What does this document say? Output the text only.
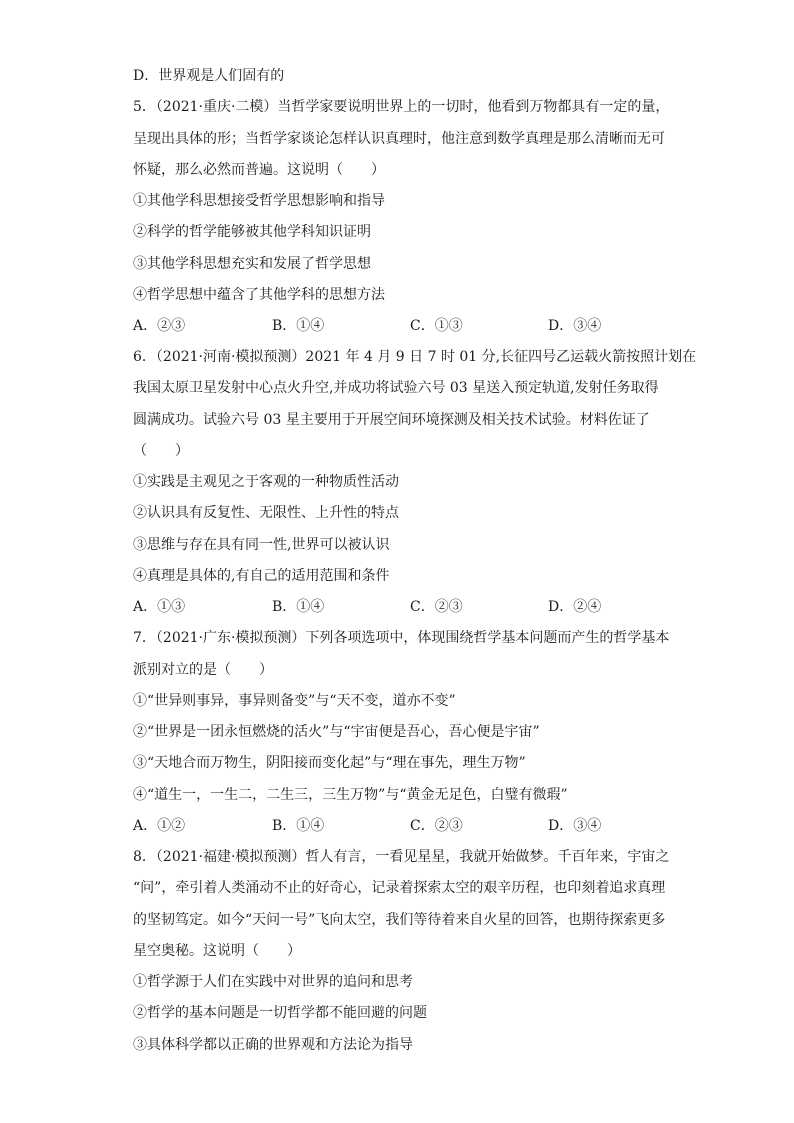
D．世界观是人们固有的
5．（2021·重庆·二模）当哲学家要说明世界上的一切时，他看到万物都具有一定的量，
呈现出具体的形；当哲学家谈论怎样认识真理时，他注意到数学真理是那么清晰而无可
怀疑，那么必然而普遍。这说明（　　）
①其他学科思想接受哲学思想影响和指导
②科学的哲学能够被其他学科知识证明
③其他学科思想充实和发展了哲学思想
④哲学思想中蕴含了其他学科的思想方法
A．②③	B．①④	C．①③	D．③④
6．（2021·河南·模拟预测）2021 年 4 月 9 日 7 时 01 分,长征四号乙运载火箭按照计划在
我国太原卫星发射中心点火升空,并成功将试验六号 03 星送入预定轨道,发射任务取得
圆满成功。试验六号 03 星主要用于开展空间环境探测及相关技术试验。材料佐证了
（　　）
①实践是主观见之于客观的一种物质性活动
②认识具有反复性、无限性、上升性的特点
③思维与存在具有同一性,世界可以被认识
④真理是具体的,有自己的适用范围和条件
A．①③	B．①④	C．②③	D．②④
7．（2021·广东·模拟预测）下列各项选项中，体现围绕哲学基本问题而产生的哲学基本
派别对立的是（　　）
①“世异则事异，事异则备变”与“天不变，道亦不变”
②“世界是一团永恒燃烧的活火”与“宇宙便是吾心，吾心便是宇宙”
③“天地合而万物生，阴阳接而变化起”与“理在事先，理生万物”
④“道生一，一生二，二生三，三生万物”与“黄金无足色，白璧有微瑕”
A．①②	B．①④	C．②③	D．③④
8．（2021·福建·模拟预测）哲人有言，一看见星星，我就开始做梦。千百年来，宇宙之
“问”，牵引着人类涌动不止的好奇心，记录着探索太空的艰辛历程，也印刻着追求真理
的坚韧笃定。如今“天问一号”飞向太空，我们等待着来自火星的回答，也期待探索更多
星空奥秘。这说明（　　）
①哲学源于人们在实践中对世界的追问和思考
②哲学的基本问题是一切哲学都不能回避的问题
③具体科学都以正确的世界观和方法论为指导
